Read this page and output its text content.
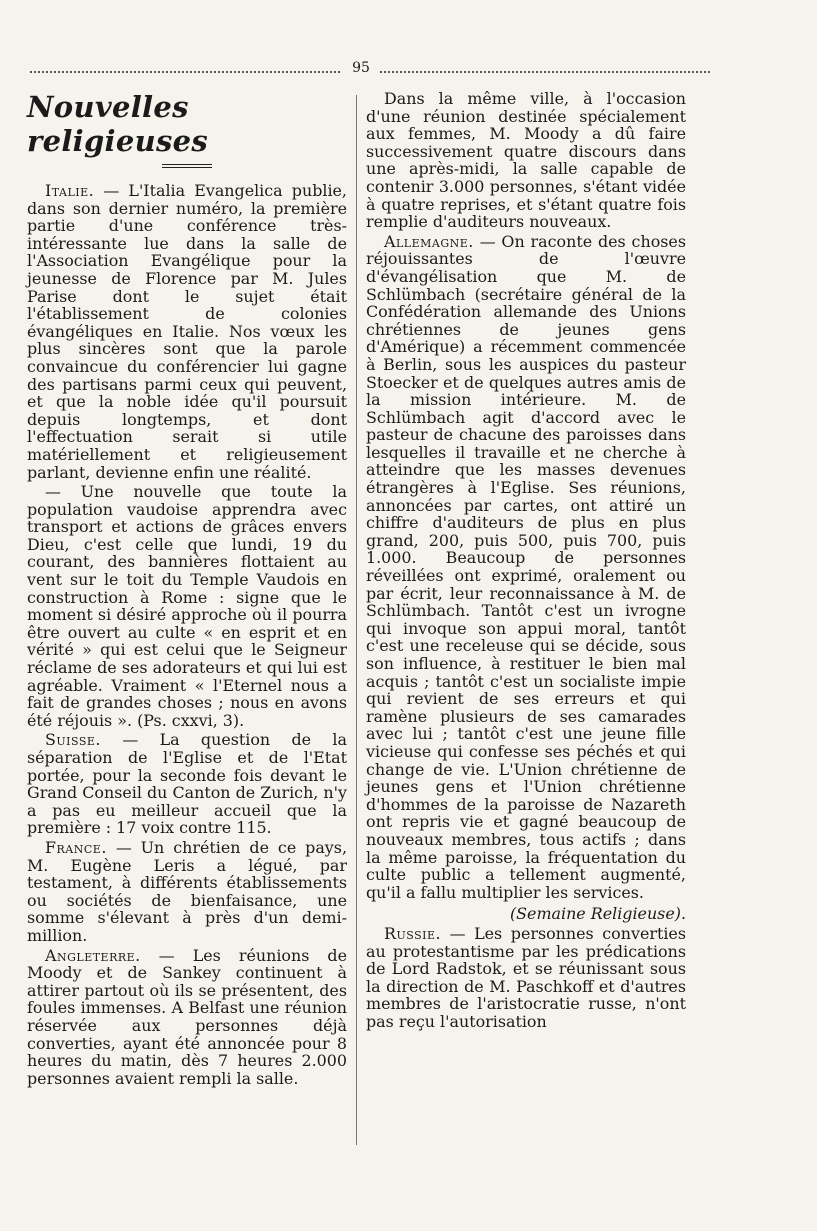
95
Nouvelles religieuses

Italie. — L'Italia Evangelica publie, dans son dernier numéro, la première partie d'une conférence très-intéressante lue dans la salle de l'Association Evangélique pour la jeunesse de Florence par M. Jules Parise dont le sujet était l'établissement de colonies évangéliques en Italie. Nos vœux les plus sincères sont que la parole convaincue du conférencier lui gagne des partisans parmi ceux qui peuvent, et que la noble idée qu'il poursuit depuis longtemps, et dont l'effectuation serait si utile matériellement et religieusement parlant, devienne enfin une réalité.

— Une nouvelle que toute la population vaudoise apprendra avec transport et actions de grâces envers Dieu, c'est celle que lundi, 19 du courant, des bannières flottaient au vent sur le toit du Temple Vaudois en construction à Rome : signe que le moment si désiré approche où il pourra être ouvert au culte « en esprit et en vérité » qui est celui que le Seigneur réclame de ses adorateurs et qui lui est agréable. Vraiment « l'Eternel nous a fait de grandes choses ; nous en avons été réjouis ». (Ps. cxxvi, 3).

Suisse. — La question de la séparation de l'Eglise et de l'Etat portée, pour la seconde fois devant le Grand Conseil du Canton de Zurich, n'y a pas eu meilleur accueil que la première : 17 voix contre 115.

France. — Un chrétien de ce pays, M. Eugène Leris a légué, par testament, à différents établissements ou sociétés de bienfaisance, une somme s'élevant à près d'un demi-million.

Angleterre. — Les réunions de Moody et de Sankey continuent à attirer partout où ils se présentent, des foules immenses. A Belfast une réunion réservée aux personnes déjà converties, ayant été annoncée pour 8 heures du matin, dès 7 heures 2.000 personnes avaient rempli la salle.

Dans la même ville, à l'occasion d'une réunion destinée spécialement aux femmes, M. Moody a dû faire successivement quatre discours dans une après-midi, la salle capable de contenir 3.000 personnes, s'étant vidée à quatre reprises, et s'étant quatre fois remplie d'auditeurs nouveaux.

Allemagne. — On raconte des choses réjouissantes de l'œuvre d'évangélisation que M. de Schlümbach (secrétaire général de la Confédération allemande des Unions chrétiennes de jeunes gens d'Amérique) a récemment commencée à Berlin, sous les auspices du pasteur Stoecker et de quelques autres amis de la mission intérieure. M. de Schlümbach agit d'accord avec le pasteur de chacune des paroisses dans lesquelles il travaille et ne cherche à atteindre que les masses devenues étrangères à l'Eglise. Ses réunions, annoncées par cartes, ont attiré un chiffre d'auditeurs de plus en plus grand, 200, puis 500, puis 700, puis 1.000. Beaucoup de personnes réveillées ont exprimé, oralement ou par écrit, leur reconnaissance à M. de Schlümbach. Tantôt c'est un ivrogne qui invoque son appui moral, tantôt c'est une receleuse qui se décide, sous son influence, à restituer le bien mal acquis ; tantôt c'est un socialiste impie qui revient de ses erreurs et qui ramène plusieurs de ses camarades avec lui ; tantôt c'est une jeune fille vicieuse qui confesse ses péchés et qui change de vie. L'Union chrétienne de jeunes gens et l'Union chrétienne d'hommes de la paroisse de Nazareth ont repris vie et gagné beaucoup de nouveaux membres, tous actifs ; dans la même paroisse, la fréquentation du culte public a tellement augmenté, qu'il a fallu multiplier les services.

(Semaine Religieuse).

Russie. — Les personnes converties au protestantisme par les prédications de Lord Radstok, et se réunissant sous la direction de M. Paschkoff et d'autres membres de l'aristocratie russe, n'ont pas reçu l'autorisation
